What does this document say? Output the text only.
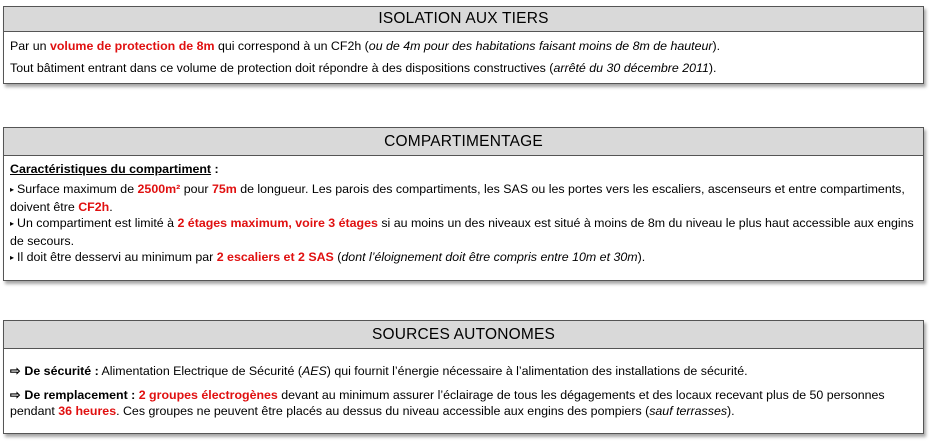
ISOLATION AUX TIERS

Par un volume de protection de 8m qui correspond à un CF2h (ou de 4m pour des habitations faisant moins de 8m de hauteur).

Tout bâtiment entrant dans ce volume de protection doit répondre à des dispositions constructives (arrêté du 30 décembre 2011).

COMPARTIMENTAGE

Caractéristiques du compartiment :

▸ Surface maximum de 2500m² pour 75m de longueur. Les parois des compartiments, les SAS ou les portes vers les escaliers, ascenseurs et entre compartiments, doivent être CF2h.

▸ Un compartiment est limité à 2 étages maximum, voire 3 étages si au moins un des niveaux est situé à moins de 8m du niveau le plus haut accessible aux engins de secours.

▸ Il doit être desservi au minimum par 2 escaliers et 2 SAS (dont l’éloignement doit être compris entre 10m et 30m).

SOURCES AUTONOMES

⇨ De sécurité : Alimentation Electrique de Sécurité (AES) qui fournit l’énergie nécessaire à l’alimentation des installations de sécurité.

⇨ De remplacement : 2 groupes électrogènes devant au minimum assurer l’éclairage de tous les dégagements et des locaux recevant plus de 50 personnes pendant 36 heures. Ces groupes ne peuvent être placés au dessus du niveau accessible aux engins des pompiers (sauf terrasses).
